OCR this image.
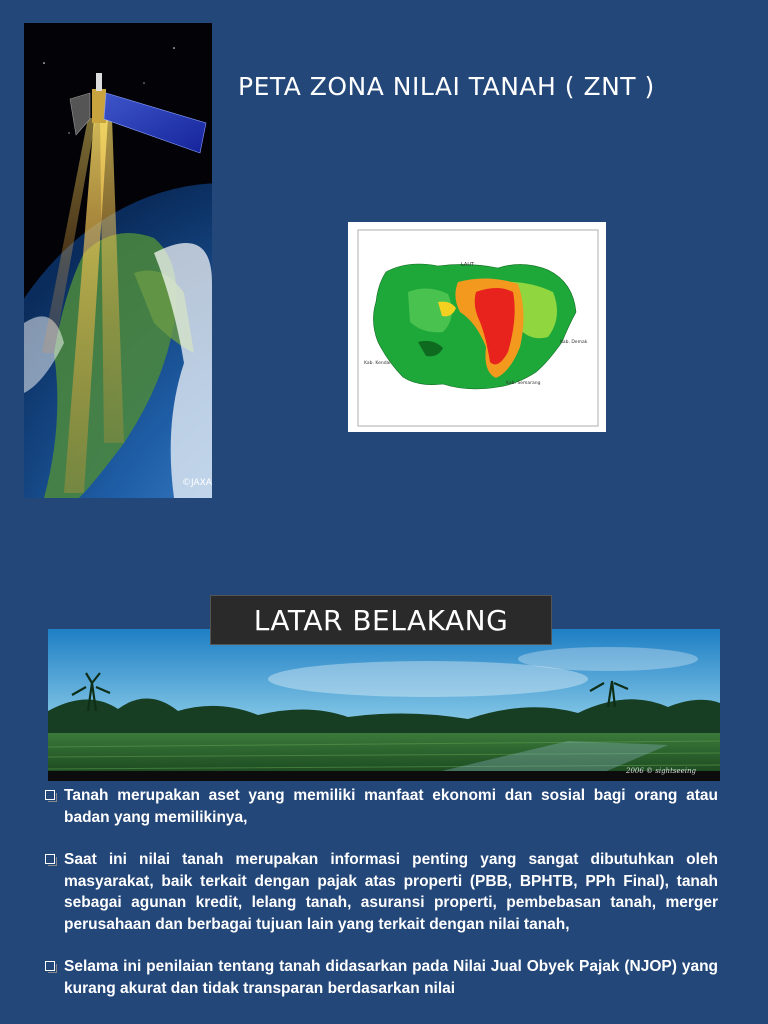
©JAXA
PETA ZONA NILAI TANAH ( ZNT )
LAUT
Kab. Kendal
Kab. Demak
Kab. Semarang
2006 © sightseeing
LATAR BELAKANG
Tanah merupakan aset yang memiliki manfaat ekonomi dan sosial bagi orang atau badan yang memilikinya,
Saat ini nilai tanah merupakan informasi penting yang sangat dibutuhkan oleh masyarakat, baik terkait dengan pajak atas properti (PBB, BPHTB, PPh Final), tanah sebagai agunan kredit, lelang tanah, asuransi properti, pembebasan tanah, merger perusahaan dan berbagai tujuan lain yang terkait dengan nilai tanah,
Selama ini penilaian tentang tanah didasarkan pada Nilai Jual Obyek Pajak (NJOP) yang kurang akurat dan tidak transparan berdasarkan nilai
